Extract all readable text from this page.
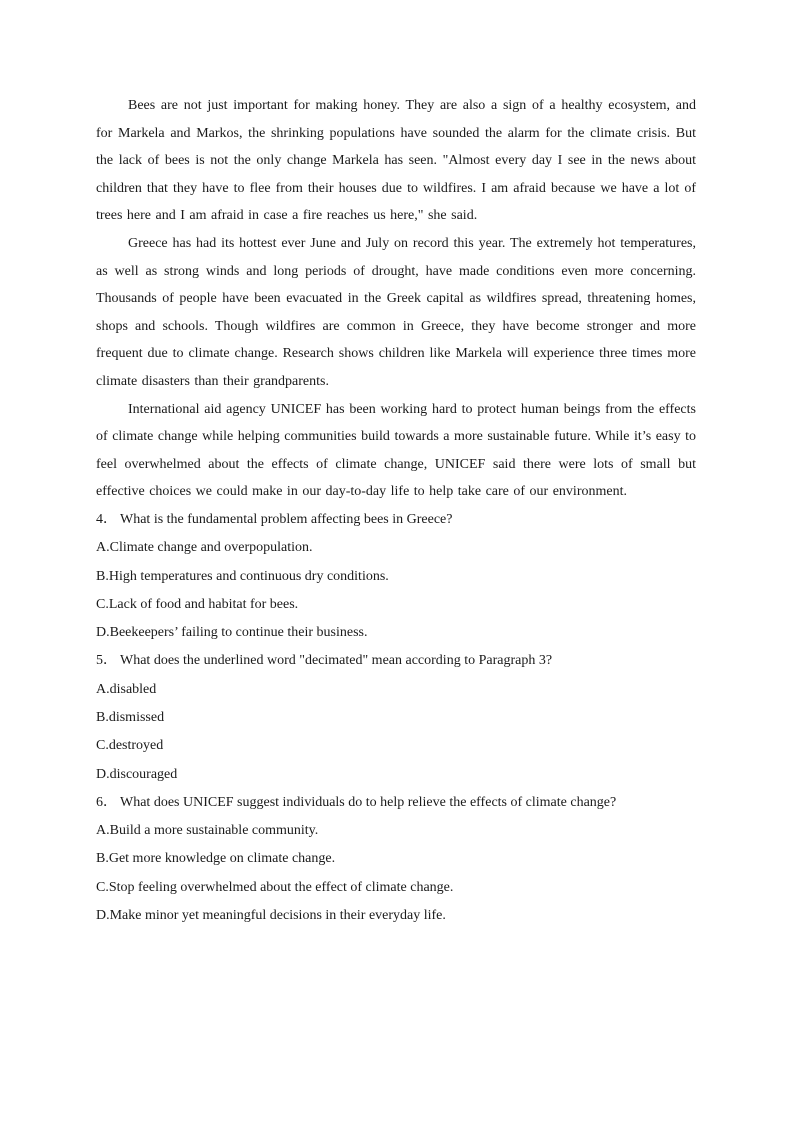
Bees are not just important for making honey. They are also a sign of a healthy ecosystem, and for Markela and Markos, the shrinking populations have sounded the alarm for the climate crisis. But the lack of bees is not the only change Markela has seen. "Almost every day I see in the news about children that they have to flee from their houses due to wildfires. I am afraid because we have a lot of trees here and I am afraid in case a fire reaches us here," she said.

Greece has had its hottest ever June and July on record this year. The extremely hot temperatures, as well as strong winds and long periods of drought, have made conditions even more concerning. Thousands of people have been evacuated in the Greek capital as wildfires spread, threatening homes, shops and schools. Though wildfires are common in Greece, they have become stronger and more frequent due to climate change. Research shows children like Markela will experience three times more climate disasters than their grandparents.

International aid agency UNICEF has been working hard to protect human beings from the effects of climate change while helping communities build towards a more sustainable future. While it’s easy to feel overwhelmed about the effects of climate change, UNICEF said there were lots of small but effective choices we could make in our day-to-day life to help take care of our environment.

4． What is the fundamental problem affecting bees in Greece?

A.Climate change and overpopulation.

B.High temperatures and continuous dry conditions.

C.Lack of food and habitat for bees.

D.Beekeepers’ failing to continue their business.

5． What does the underlined word "decimated" mean according to Paragraph 3?

A.disabled

B.dismissed

C.destroyed

D.discouraged

6． What does UNICEF suggest individuals do to help relieve the effects of climate change?

A.Build a more sustainable community.

B.Get more knowledge on climate change.

C.Stop feeling overwhelmed about the effect of climate change.

D.Make minor yet meaningful decisions in their everyday life.
